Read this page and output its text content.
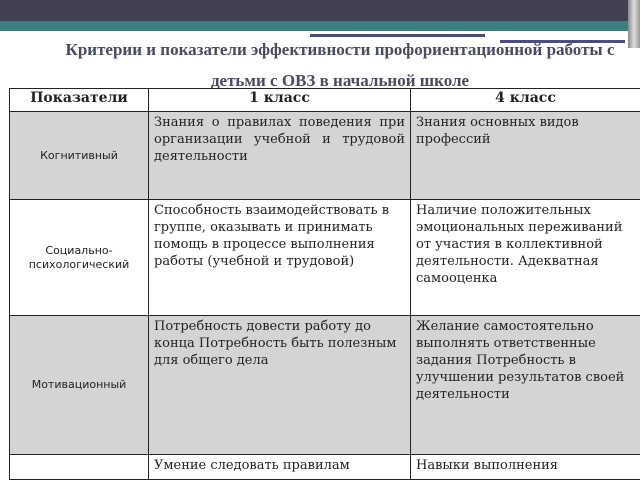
Критерии и показатели эффективности профориентационной работы с детьми с ОВЗ в начальной школе
Показатели	1 класс	4 класс
Когнитивный	Знания о правилах поведения при организации учебной и трудовой деятельности	Знания основных видов профессий
Социально-психологический	Способность взаимодействовать в группе, оказывать и принимать помощь в процессе выполнения работы (учебной и трудовой)	Наличие положительных эмоциональных переживаний от участия в коллективной деятельности. Адекватная самооценка
Мотивационный	Потребность довести работу до конца Потребность быть полезным для общего дела	Желание самостоятельно выполнять ответственные задания Потребность в улучшении результатов своей деятельности
	Умение следовать правилам	Навыки выполнения
